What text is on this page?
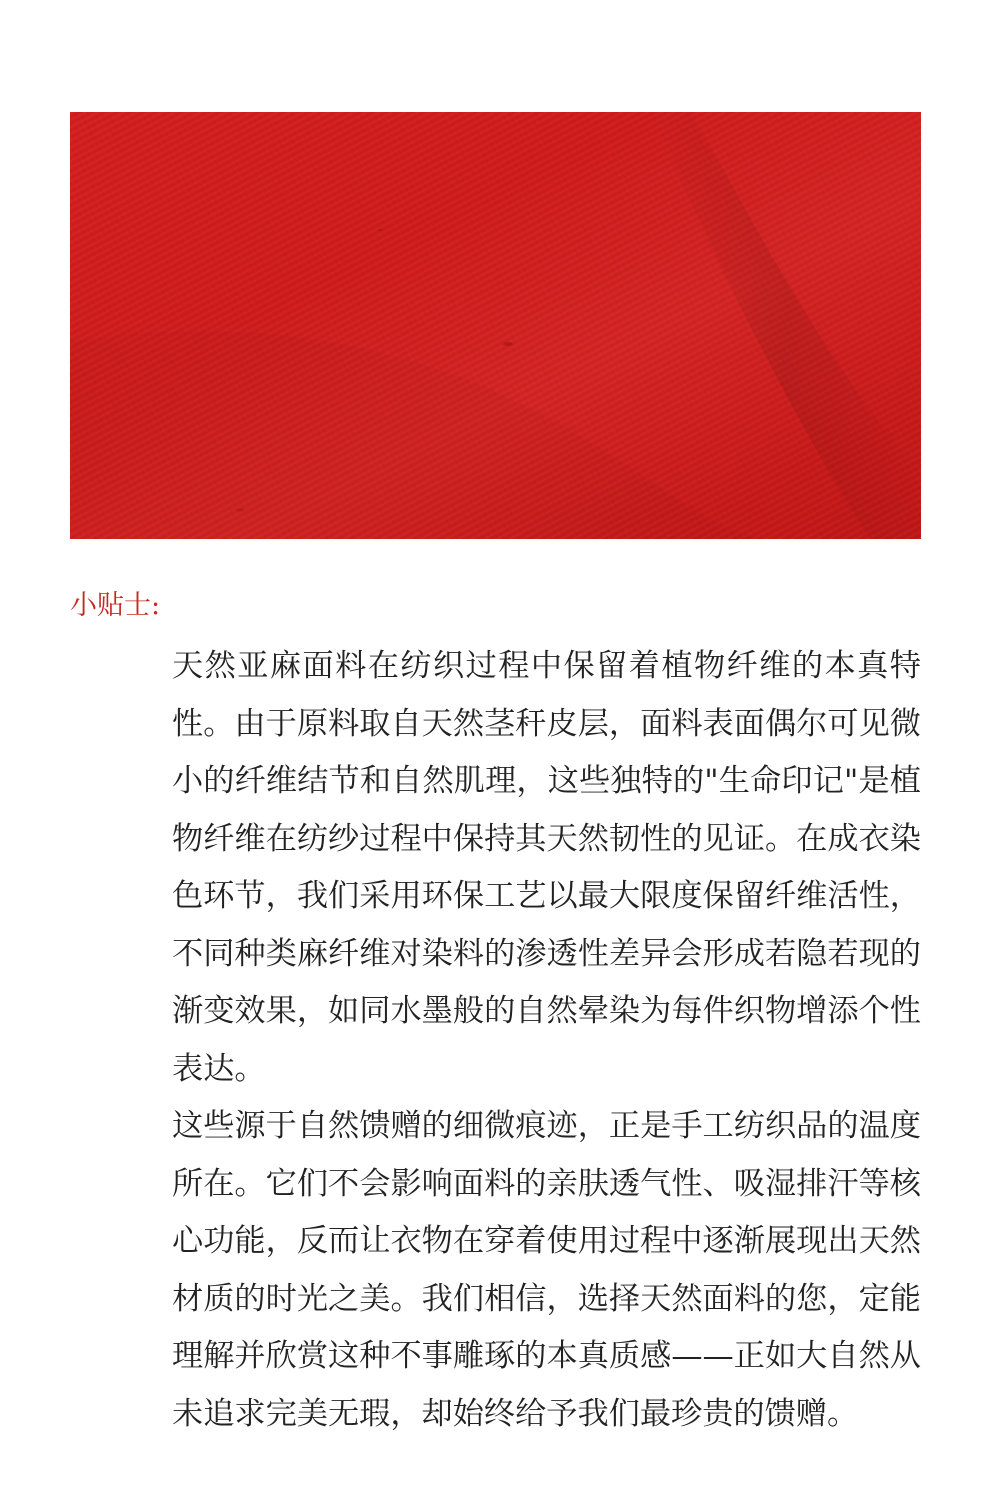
小贴士:

天然亚麻面料在纺织过程中保留着植物纤维的本真特性。由于原料取自天然茎秆皮层，面料表面偶尔可见微小的纤维结节和自然肌理，这些独特的"生命印记"是植物纤维在纺纱过程中保持其天然韧性的见证。在成衣染色环节，我们采用环保工艺以最大限度保留纤维活性，不同种类麻纤维对染料的渗透性差异会形成若隐若现的渐变效果，如同水墨般的自然晕染为每件织物增添个性表达。

这些源于自然馈赠的细微痕迹，正是手工纺织品的温度所在。它们不会影响面料的亲肤透气性、吸湿排汗等核心功能，反而让衣物在穿着使用过程中逐渐展现出天然材质的时光之美。我们相信，选择天然面料的您，定能理解并欣赏这种不事雕琢的本真质感——正如大自然从未追求完美无瑕，却始终给予我们最珍贵的馈赠。
